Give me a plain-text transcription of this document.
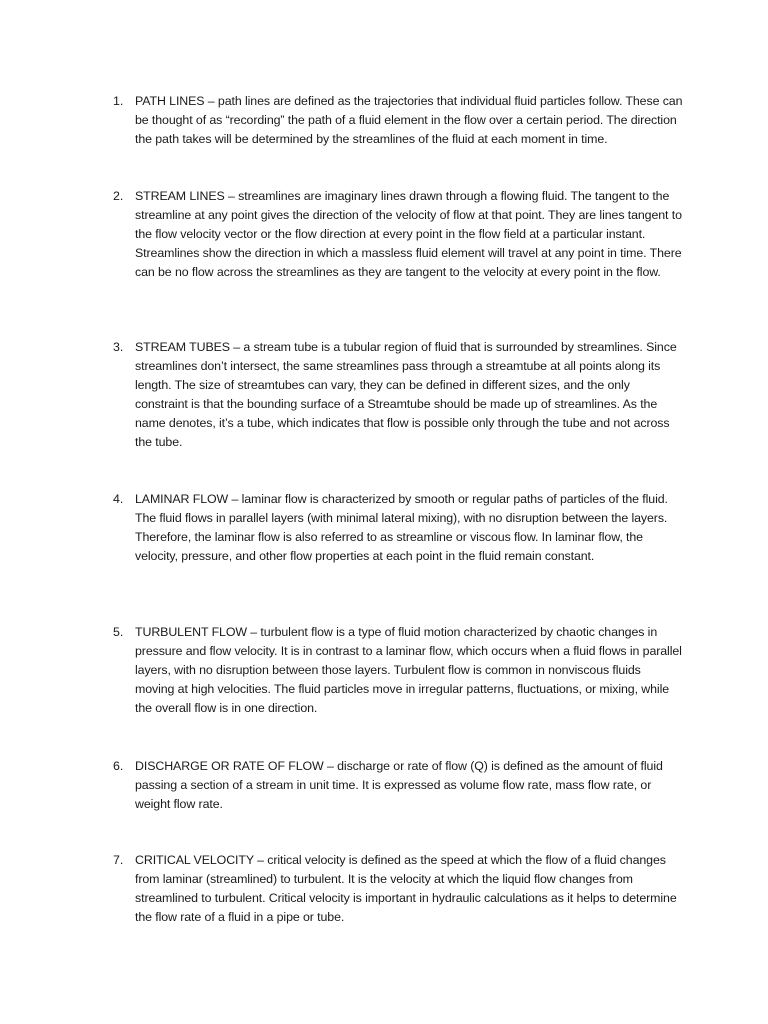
1. PATH LINES – path lines are defined as the trajectories that individual fluid particles follow. These can be thought of as “recording” the path of a fluid element in the flow over a certain period. The direction the path takes will be determined by the streamlines of the fluid at each moment in time.
2. STREAM LINES – streamlines are imaginary lines drawn through a flowing fluid. The tangent to the streamline at any point gives the direction of the velocity of flow at that point. They are lines tangent to the flow velocity vector or the flow direction at every point in the flow field at a particular instant. Streamlines show the direction in which a massless fluid element will travel at any point in time. There can be no flow across the streamlines as they are tangent to the velocity at every point in the flow.
3. STREAM TUBES – a stream tube is a tubular region of fluid that is surrounded by streamlines. Since streamlines don’t intersect, the same streamlines pass through a streamtube at all points along its length. The size of streamtubes can vary, they can be defined in different sizes, and the only constraint is that the bounding surface of a Streamtube should be made up of streamlines. As the name denotes, it’s a tube, which indicates that flow is possible only through the tube and not across the tube.
4. LAMINAR FLOW – laminar flow is characterized by smooth or regular paths of particles of the fluid. The fluid flows in parallel layers (with minimal lateral mixing), with no disruption between the layers. Therefore, the laminar flow is also referred to as streamline or viscous flow. In laminar flow, the velocity, pressure, and other flow properties at each point in the fluid remain constant.
5. TURBULENT FLOW – turbulent flow is a type of fluid motion characterized by chaotic changes in pressure and flow velocity. It is in contrast to a laminar flow, which occurs when a fluid flows in parallel layers, with no disruption between those layers. Turbulent flow is common in nonviscous fluids moving at high velocities. The fluid particles move in irregular patterns, fluctuations, or mixing, while the overall flow is in one direction.
6. DISCHARGE OR RATE OF FLOW – discharge or rate of flow (Q) is defined as the amount of fluid passing a section of a stream in unit time. It is expressed as volume flow rate, mass flow rate, or weight flow rate.
7. CRITICAL VELOCITY – critical velocity is defined as the speed at which the flow of a fluid changes from laminar (streamlined) to turbulent. It is the velocity at which the liquid flow changes from streamlined to turbulent. Critical velocity is important in hydraulic calculations as it helps to determine the flow rate of a fluid in a pipe or tube.
